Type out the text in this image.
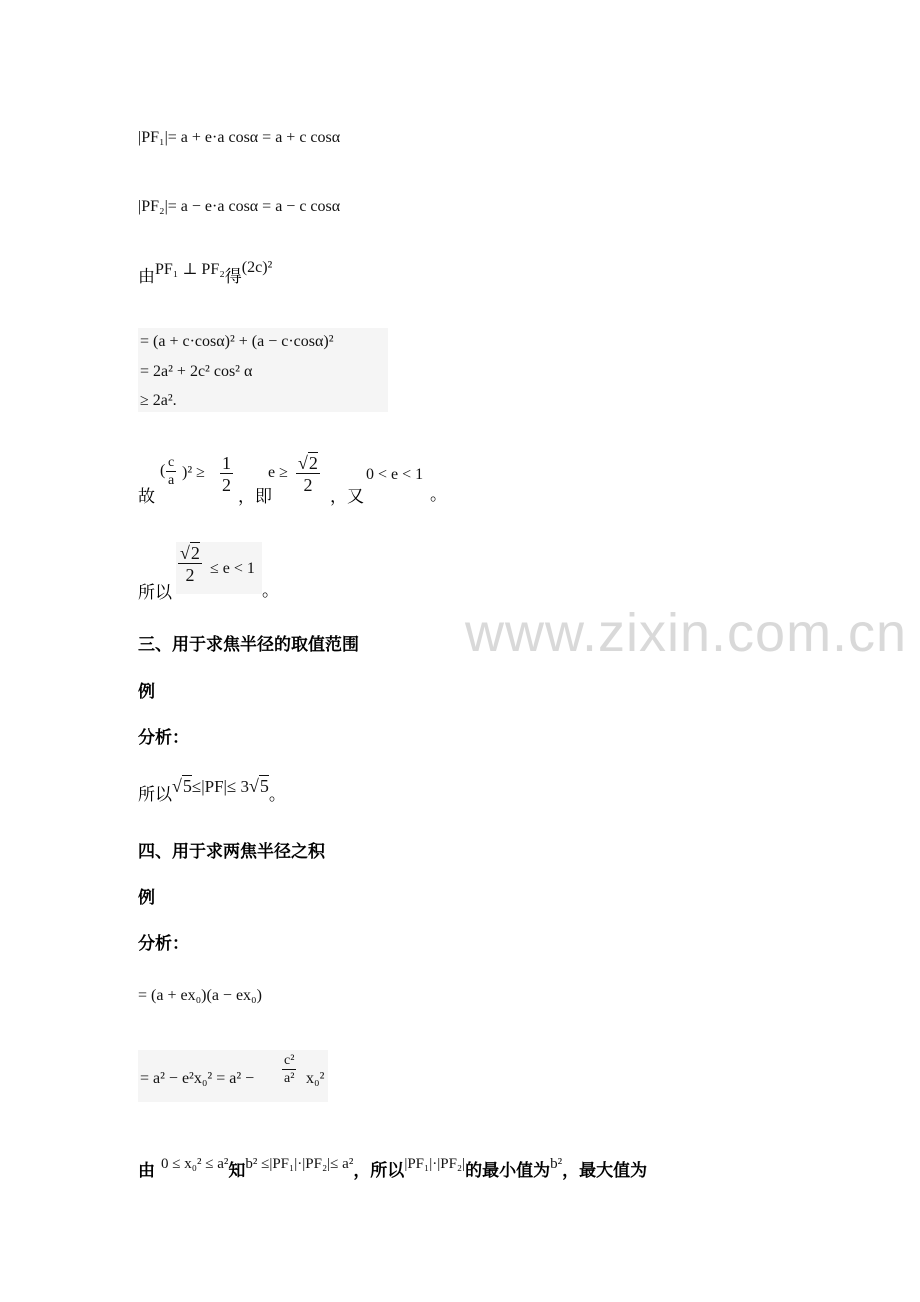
www.zixin.com.cn
|PF₁|= a + e·a cosα = a + c cosα
|PF₂|= a − e·a cosα = a − c cosα
由PF₁ ⊥ PF₂得(2c)²
= (a + c·cosα)² + (a − c·cosα)²
= 2a² + 2c² cos² α
≥ 2a².
故
( $\frac{c}{a} )^2 \ge \frac{1}{2}$
，即
$e \ge \frac{√2}{2}$
，又
0 < e < 1
。
所以
$\frac{√2}{2} \le e < 1$
。
三、用于求焦半径的取值范围
例
分析：
所以√5≤|PF|≤ 3√5。
四、用于求两焦半径之积
例
分析：
= (a + ex₀)(a − ex₀)
= $a^2 - e^2x_0^2 = a^2 - \frac{\text{c²}}{\text{a²}} x_0^2$
由 0 ≤ x₀² ≤ a²知b² ≤|PF₁|·|PF₂|≤ a²，所以|PF₁|·|PF₂|的最小值为b²，最大值为
